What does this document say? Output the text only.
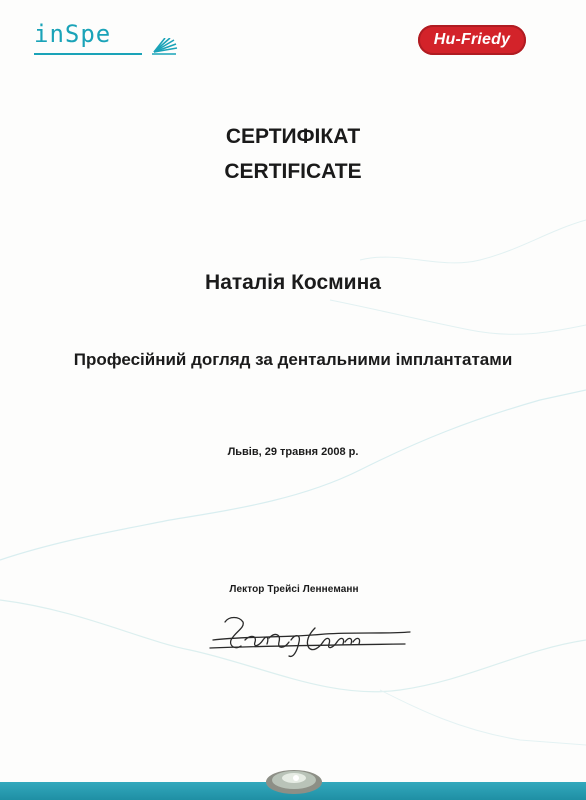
inSpe	Hu-Friedy
СЕРТИФІКАТ
CERTIFICATE
Наталія Космина
Професійний догляд за дентальними імплантатами
Львів, 29 травня 2008 р.
Лектор Трейсі Леннеманн
